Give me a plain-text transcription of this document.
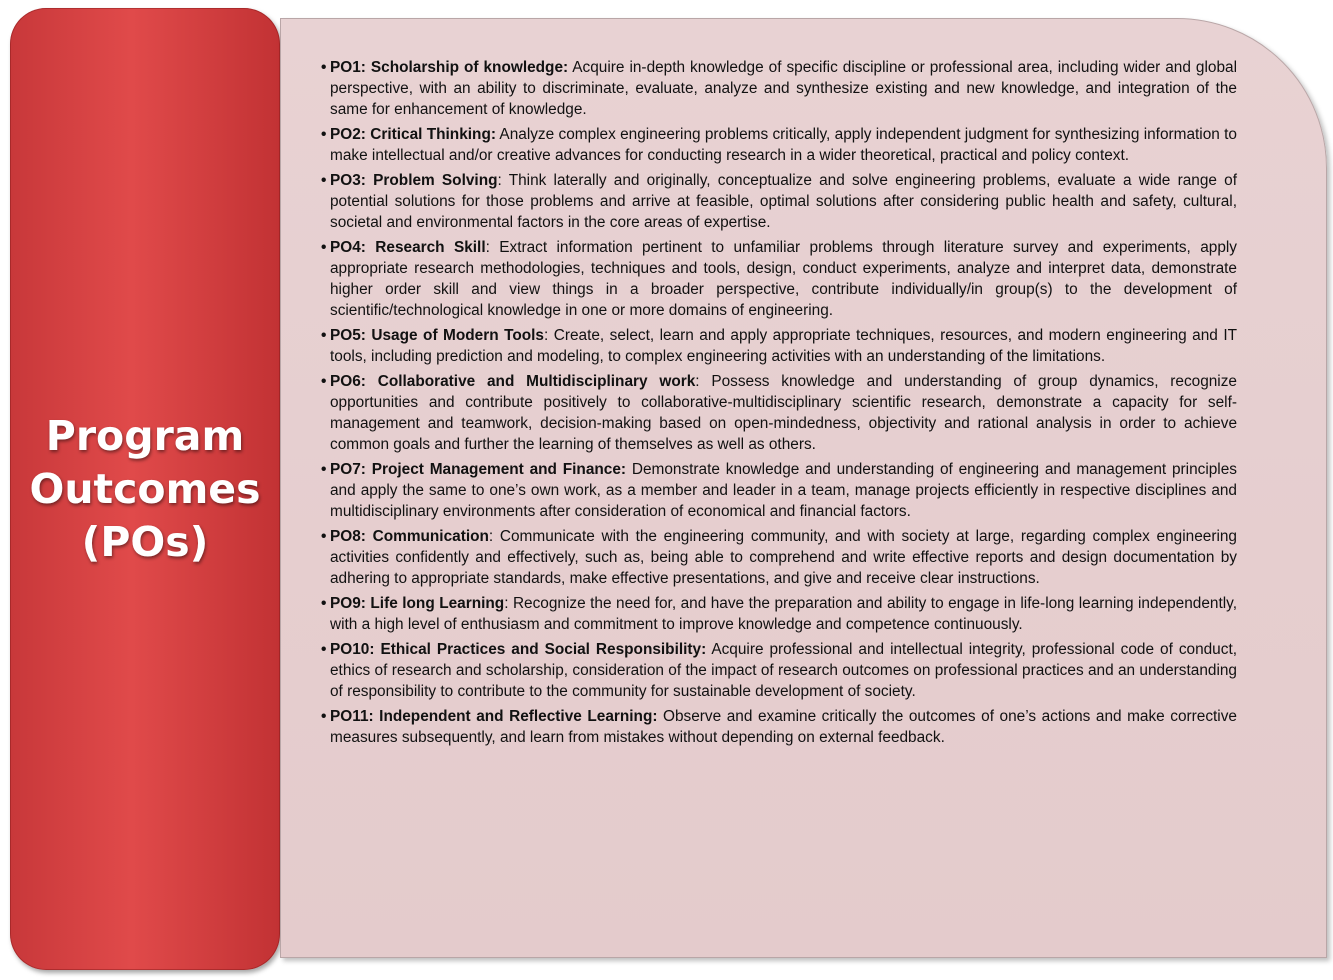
Program
Outcomes
(POs)
• PO1: Scholarship of knowledge: Acquire in-depth knowledge of specific discipline or professional area, including wider and global perspective, with an ability to discriminate, evaluate, analyze and synthesize existing and new knowledge, and integration of the same for enhancement of knowledge.
• PO2: Critical Thinking: Analyze complex engineering problems critically, apply independent judgment for synthesizing information to make intellectual and/or creative advances for conducting research in a wider theoretical, practical and policy context.
• PO3: Problem Solving: Think laterally and originally, conceptualize and solve engineering problems, evaluate a wide range of potential solutions for those problems and arrive at feasible, optimal solutions after considering public health and safety, cultural, societal and environmental factors in the core areas of expertise.
• PO4: Research Skill: Extract information pertinent to unfamiliar problems through literature survey and experiments, apply appropriate research methodologies, techniques and tools, design, conduct experiments, analyze and interpret data, demonstrate higher order skill and view things in a broader perspective, contribute individually/in group(s) to the development of scientific/technological knowledge in one or more domains of engineering.
• PO5: Usage of Modern Tools: Create, select, learn and apply appropriate techniques, resources, and modern engineering and IT tools, including prediction and modeling, to complex engineering activities with an understanding of the limitations.
• PO6: Collaborative and Multidisciplinary work: Possess knowledge and understanding of group dynamics, recognize opportunities and contribute positively to collaborative-multidisciplinary scientific research, demonstrate a capacity for self-management and teamwork, decision-making based on open-mindedness, objectivity and rational analysis in order to achieve common goals and further the learning of themselves as well as others.
• PO7: Project Management and Finance: Demonstrate knowledge and understanding of engineering and management principles and apply the same to one’s own work, as a member and leader in a team, manage projects efficiently in respective disciplines and multidisciplinary environments after consideration of economical and financial factors.
• PO8: Communication: Communicate with the engineering community, and with society at large, regarding complex engineering activities confidently and effectively, such as, being able to comprehend and write effective reports and design documentation by adhering to appropriate standards, make effective presentations, and give and receive clear instructions.
• PO9: Life long Learning: Recognize the need for, and have the preparation and ability to engage in life-long learning independently, with a high level of enthusiasm and commitment to improve knowledge and competence continuously.
• PO10: Ethical Practices and Social Responsibility: Acquire professional and intellectual integrity, professional code of conduct, ethics of research and scholarship, consideration of the impact of research outcomes on professional practices and an understanding of responsibility to contribute to the community for sustainable development of society.
• PO11: Independent and Reflective Learning: Observe and examine critically the outcomes of one’s actions and make corrective measures subsequently, and learn from mistakes without depending on external feedback.
